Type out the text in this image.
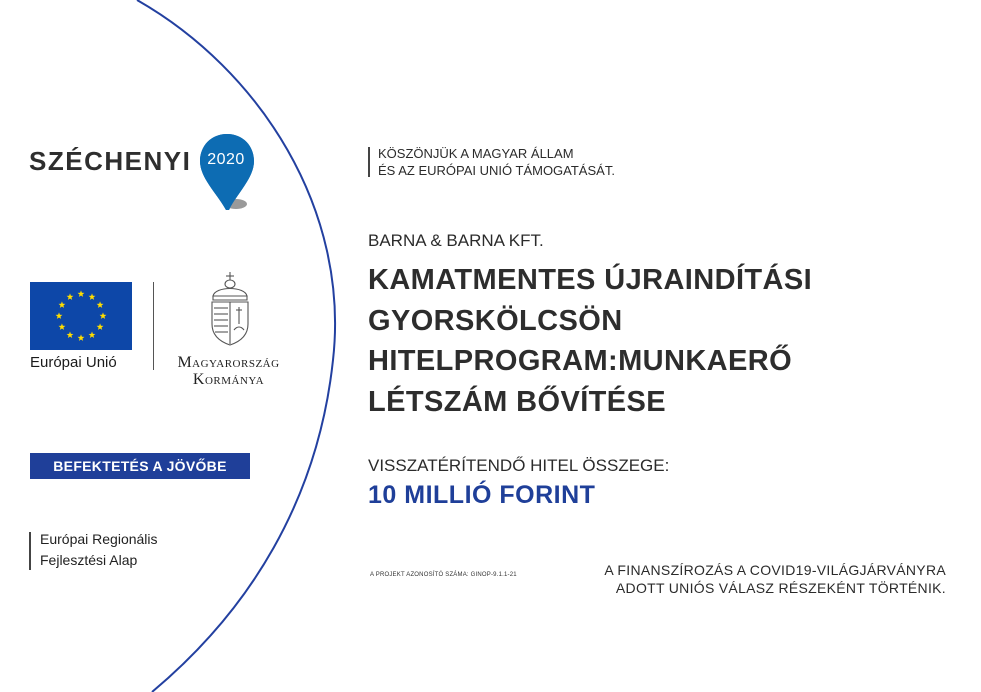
SZÉCHENYI 2020
Európai Unió	Magyarország
Kormánya
BEFEKTETÉS A JÖVŐBE
Európai Regionális
Fejlesztési Alap
KÖSZÖNJÜK A MAGYAR ÁLLAM
ÉS AZ EURÓPAI UNIÓ TÁMOGATÁSÁT.
BARNA & BARNA KFT.
KAMATMENTES ÚJRAINDÍTÁSI
GYORSKÖLCSÖN
HITELPROGRAM:MUNKAERŐ
LÉTSZÁM BŐVÍTÉSE
VISSZATÉRÍTENDŐ HITEL ÖSSZEGE:
10 MILLIÓ FORINT
A PROJEKT AZONOSÍTÓ SZÁMA: GINOP-9.1.1-21	A FINANSZÍROZÁS A COVID19-VILÁGJÁRVÁNYRA
ADOTT UNIÓS VÁLASZ RÉSZEKÉNT TÖRTÉNIK.
